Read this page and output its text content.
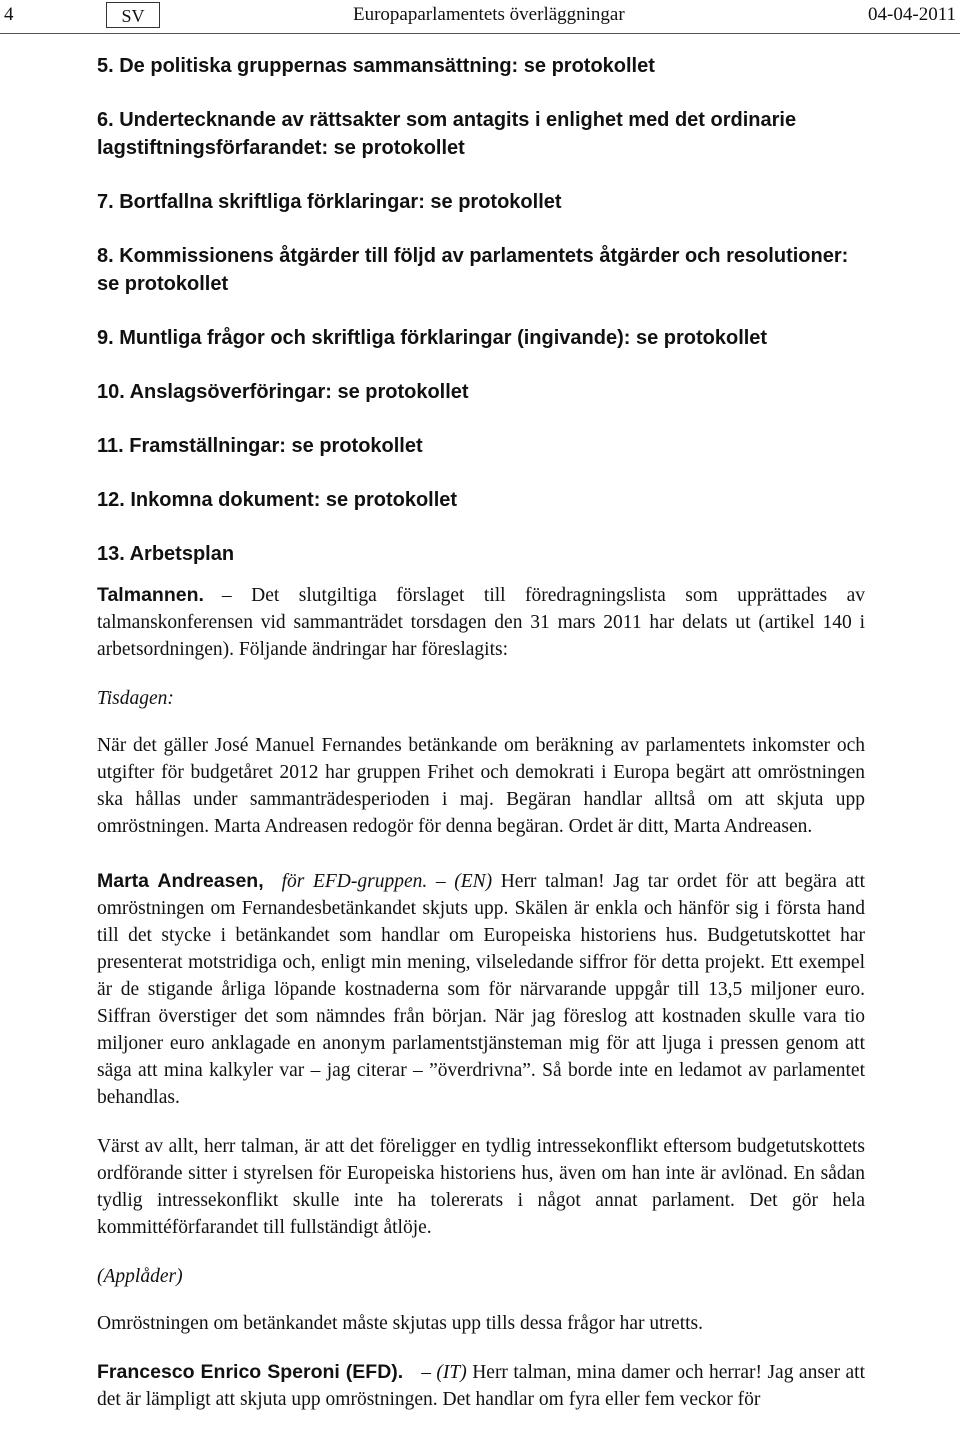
4	SV	Europaparlamentets överläggningar	04-04-2011
5. De politiska gruppernas sammansättning: se protokollet
6. Undertecknande av rättsakter som antagits i enlighet med det ordinarie lagstiftningsförfarandet: se protokollet
7. Bortfallna skriftliga förklaringar: se protokollet
8. Kommissionens åtgärder till följd av parlamentets åtgärder och resolutioner: se protokollet
9. Muntliga frågor och skriftliga förklaringar (ingivande): se protokollet
10. Anslagsöverföringar: se protokollet
11. Framställningar: se protokollet
12. Inkomna dokument: se protokollet
13. Arbetsplan
Talmannen. – Det slutgiltiga förslaget till föredragningslista som upprättades av talmanskonferensen vid sammanträdet torsdagen den 31 mars 2011 har delats ut (artikel 140 i arbetsordningen). Följande ändringar har föreslagits:
Tisdagen:
När det gäller José Manuel Fernandes betänkande om beräkning av parlamentets inkomster och utgifter för budgetåret 2012 har gruppen Frihet och demokrati i Europa begärt att omröstningen ska hållas under sammanträdesperioden i maj. Begäran handlar alltså om att skjuta upp omröstningen. Marta Andreasen redogör för denna begäran. Ordet är ditt, Marta Andreasen.
Marta Andreasen, för EFD-gruppen. – (EN) Herr talman! Jag tar ordet för att begära att omröstningen om Fernandesbetänkandet skjuts upp. Skälen är enkla och hänför sig i första hand till det stycke i betänkandet som handlar om Europeiska historiens hus. Budgetutskottet har presenterat motstridiga och, enligt min mening, vilseledande siffror för detta projekt. Ett exempel är de stigande årliga löpande kostnaderna som för närvarande uppgår till 13,5 miljoner euro. Siffran överstiger det som nämndes från början. När jag föreslog att kostnaden skulle vara tio miljoner euro anklagade en anonym parlamentstjänsteman mig för att ljuga i pressen genom att säga att mina kalkyler var – jag citerar – ”överdrivna”. Så borde inte en ledamot av parlamentet behandlas.
Värst av allt, herr talman, är att det föreligger en tydlig intressekonflikt eftersom budgetutskottets ordförande sitter i styrelsen för Europeiska historiens hus, även om han inte är avlönad. En sådan tydlig intressekonflikt skulle inte ha tolererats i något annat parlament. Det gör hela kommittéförfarandet till fullständigt åtlöje.
(Applåder)
Omröstningen om betänkandet måste skjutas upp tills dessa frågor har utretts.
Francesco Enrico Speroni (EFD). – (IT) Herr talman, mina damer och herrar! Jag anser att det är lämpligt att skjuta upp omröstningen. Det handlar om fyra eller fem veckor för
